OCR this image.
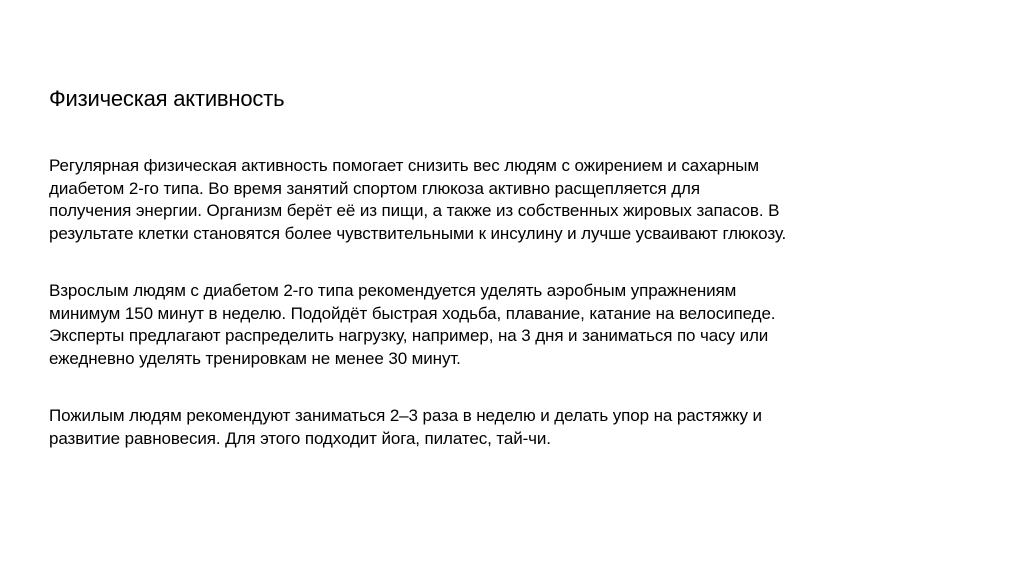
Физическая активность

Регулярная физическая активность помогает снизить вес людям с ожирением и сахарным
диабетом 2-го типа. Во время занятий спортом глюкоза активно расщепляется для
получения энергии. Организм берёт её из пищи, а также из собственных жировых запасов. В
результате клетки становятся более чувствительными к инсулину и лучше усваивают глюкозу.

Взрослым людям с диабетом 2-го типа рекомендуется уделять аэробным упражнениям
минимум 150 минут в неделю. Подойдёт быстрая ходьба, плавание, катание на велосипеде.
Эксперты предлагают распределить нагрузку, например, на 3 дня и заниматься по часу или
ежедневно уделять тренировкам не менее 30 минут.

Пожилым людям рекомендуют заниматься 2–3 раза в неделю и делать упор на растяжку и
развитие равновесия. Для этого подходит йога, пилатес, тай-чи.
